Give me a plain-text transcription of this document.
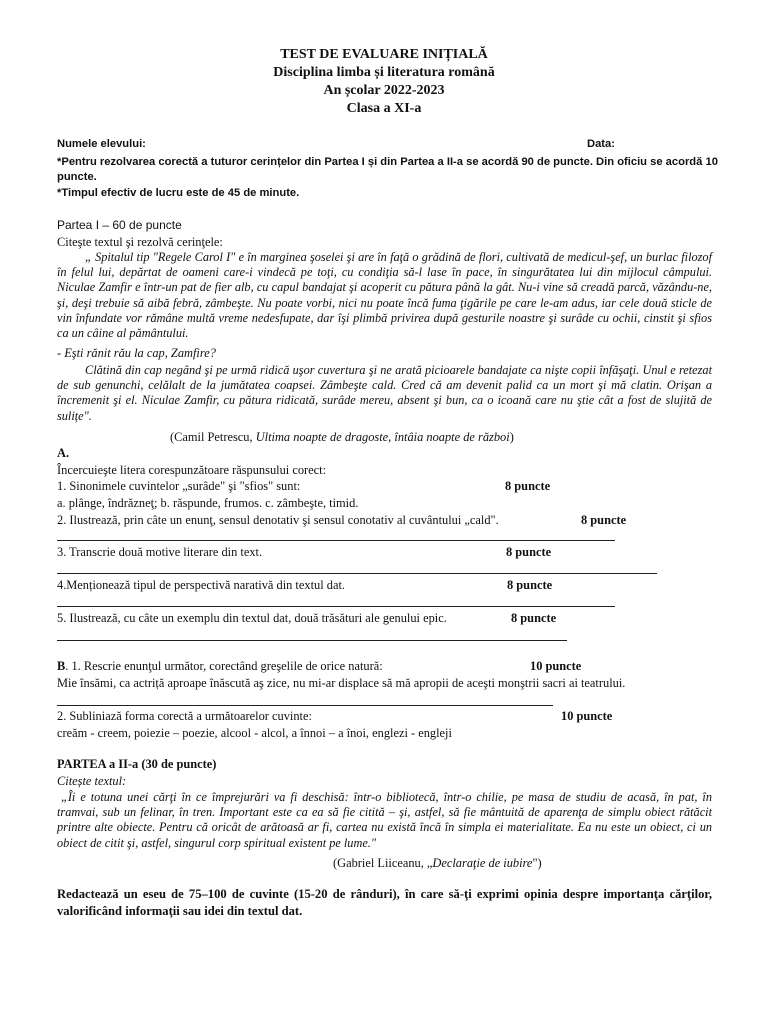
TEST DE EVALUARE INIȚIALĂ
Disciplina limba și literatura română
An școlar 2022-2023
Clasa a XI-a
Numele elevului:	Data:
*Pentru rezolvarea corectă a tuturor cerințelor din Partea I și din Partea a II-a se acordă 90 de puncte. Din oficiu se acordă 10
puncte.
*Timpul efectiv de lucru este de 45 de minute.
Partea I – 60 de puncte
Citeşte textul şi rezolvă cerinţele:
„ Spitalul tip "Regele Carol I" e în marginea şoselei şi are în faţă o grădină de flori, cultivată de medicul-şef, un burlac filozof în felul lui, depărtat de oameni care-i vindecă pe toţi, cu condiţia să-l lase în pace, în singurătatea lui din mijlocul câmpului. Niculae Zamfir e într-un pat de fier alb, cu capul bandajat şi acoperit cu pătura până la gât. Nu-i vine să creadă parcă, văzându-ne, şi, deşi trebuie să aibă febră, zâmbeşte. Nu poate vorbi, nici nu poate încă fuma ţigările pe care le-am adus, iar cele două sticle de vin înfundate vor rămâne multă vreme nedesfupate, dar îşi plimbă privirea după gesturile noastre şi surâde cu ochii, cinstit şi sfios ca un câine al pământului.
- Eşti rănit rău la cap, Zamfire?
Clătină din cap negând şi pe urmă ridică uşor cuvertura şi ne arată picioarele bandajate ca nişte copii înfăşaţi. Unul e retezat de sub genunchi, celălalt de la jumătatea coapsei. Zâmbeşte cald. Cred că am devenit palid ca un mort şi mă clatin. Orişan a încremenit şi el. Niculae Zamfir, cu pătura ridicată, surâde mereu, absent şi bun, ca o icoană care nu ştie cât a fost de slujită de sulițe".
(Camil Petrescu, Ultima noapte de dragoste, întâia noapte de război)
A.
Încercuieşte litera corespunzătoare răspunsului corect:
1. Sinonimele cuvintelor „surâde" şi "sfios" sunt:	8 puncte
a. plânge, îndrăzneţ; b. răspunde, frumos. c. zâmbeşte, timid.
2. Ilustrează, prin câte un enunţ, sensul denotativ şi sensul conotativ al cuvântului „cald".	8 puncte
3. Transcrie două motive literare din text.	8 puncte
4.Menționează tipul de perspectivă narativă din textul dat.	8 puncte
5. Ilustrează, cu câte un exemplu din textul dat, două trăsături ale genului epic.	8 puncte
B. 1. Rescrie enunţul următor, corectând greşelile de orice natură:	10 puncte
Mie însămi, ca actriță aproape înăscută aş zice, nu mi-ar displace să mă apropii de aceşti monştrii sacri ai teatrului.
2. Subliniază forma corectă a următoarelor cuvinte:	10 puncte
creăm - creem, poiezie – poezie, alcool - alcol, a înnoi – a înoi, englezi - engleji
PARTEA a II-a (30 de puncte)
Citește textul:
„Îi e totuna unei cărţi în ce împrejurări va fi deschisă: într-o bibliotecă, într-o chilie, pe masa de studiu de acasă, în pat, în tramvai, sub un felinar, în tren. Important este ca ea să fie citită – şi, astfel, să fie mântuită de aparenţa de simplu obiect rătăcit printre alte obiecte. Pentru că oricât de arătoasă ar fi, cartea nu există încă în simpla ei materialitate. Ea nu este un obiect, ci un obiect de citit şi, astfel, singurul corp spiritual existent pe lume."
(Gabriel Liiceanu, „Declaraţie de iubire")
Redactează un eseu de 75–100 de cuvinte (15-20 de rânduri), în care să-ţi exprimi opinia despre importanţa cărţilor, valorificând informaţii sau idei din textul dat.
